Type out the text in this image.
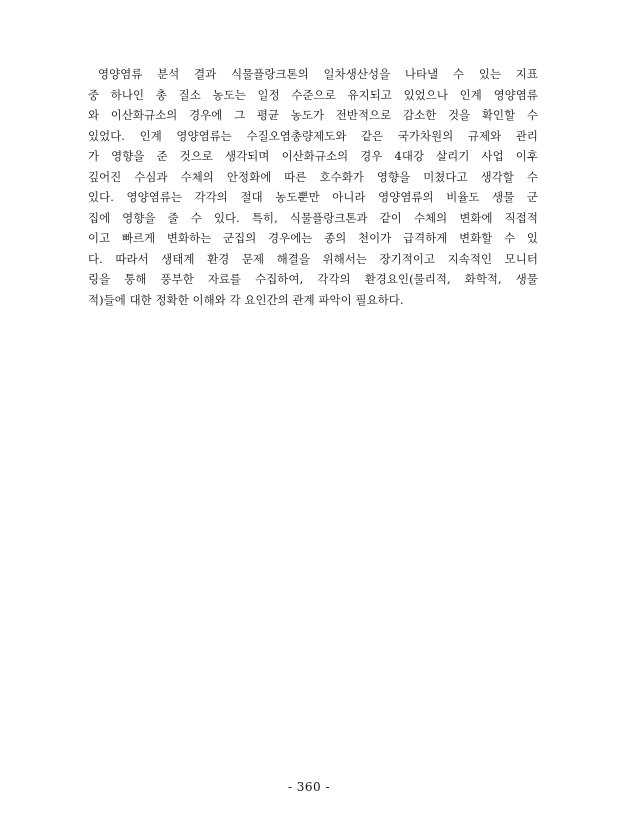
영양염류 분석 결과 식물플랑크톤의 일차생산성을 나타낼 수 있는 지표
중 하나인 총 질소 농도는 일정 수준으로 유지되고 있었으나 인계 영양염류
와 이산화규소의 경우에 그 평균 농도가 전반적으로 감소한 것을 확인할 수
있었다. 인계 영양염류는 수질오염총량제도와 같은 국가차원의 규제와 관리
가 영향을 준 것으로 생각되며 이산화규소의 경우 4대강 살리기 사업 이후
깊어진 수심과 수체의 안정화에 따른 호수화가 영향을 미쳤다고 생각할 수
있다. 영양염류는 각각의 절대 농도뿐만 아니라 영양염류의 비율도 생물 군
집에 영향을 줄 수 있다. 특히, 식물플랑크톤과 같이 수체의 변화에 직접적
이고 빠르게 변화하는 군집의 경우에는 종의 천이가 급격하게 변화할 수 있
다. 따라서 생태계 환경 문제 해결을 위해서는 장기적이고 지속적인 모니터
링을 통해 풍부한 자료를 수집하여, 각각의 환경요인(물리적, 화학적, 생물
적)들에 대한 정확한 이해와 각 요인간의 관계 파악이 필요하다.
- 360 -
